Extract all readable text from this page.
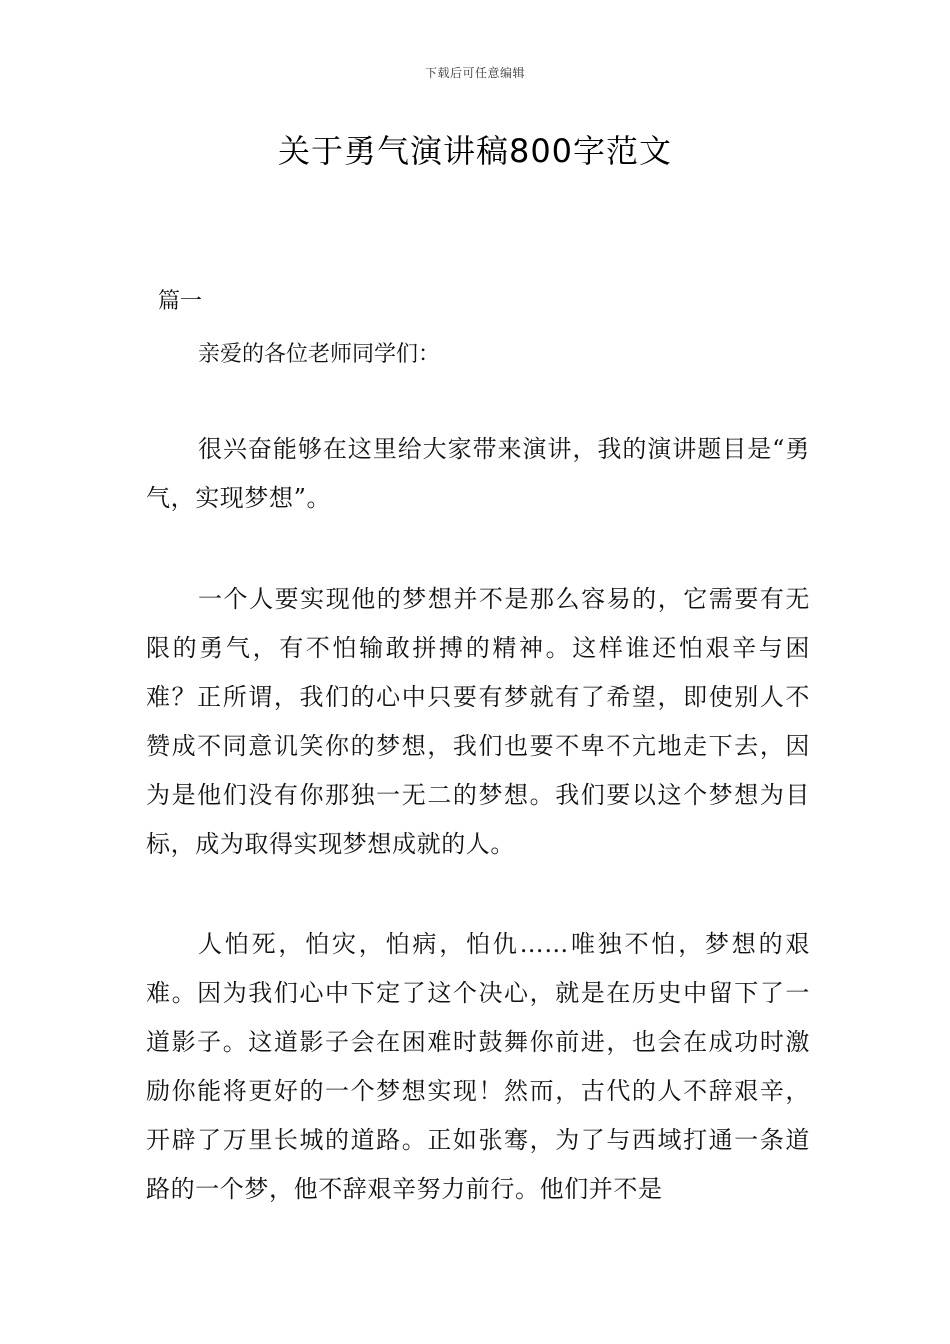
下载后可任意编辑
关于勇气演讲稿800字范文
篇一
亲爱的各位老师同学们：

很兴奋能够在这里给大家带来演讲，我的演讲题目是“勇气，实现梦想”。

一个人要实现他的梦想并不是那么容易的，它需要有无限的勇气，有不怕输敢拼搏的精神。这样谁还怕艰辛与困难？正所谓，我们的心中只要有梦就有了希望，即使别人不赞成不同意讥笑你的梦想，我们也要不卑不亢地走下去，因为是他们没有你那独一无二的梦想。我们要以这个梦想为目标，成为取得实现梦想成就的人。

人怕死，怕灾，怕病，怕仇……唯独不怕，梦想的艰难。因为我们心中下定了这个决心，就是在历史中留下了一道影子。这道影子会在困难时鼓舞你前进，也会在成功时激励你能将更好的一个梦想实现！然而，古代的人不辞艰辛，开辟了万里长城的道路。正如张骞，为了与西域打通一条道路的一个梦，他不辞艰辛努力前行。他们并不是
